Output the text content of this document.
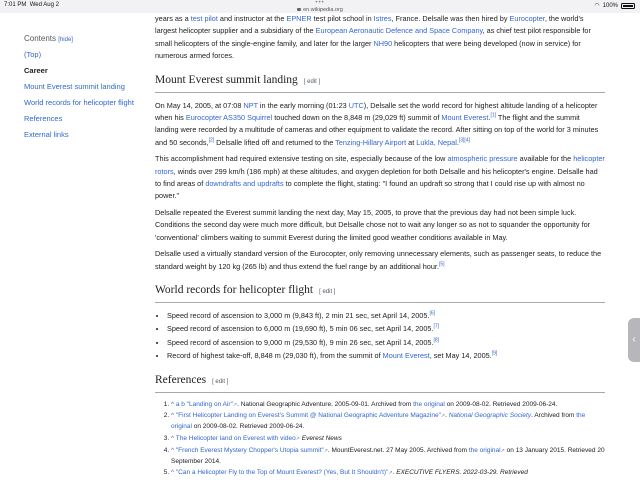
7:01 PM Wed Aug 2	•••
en.wikipedia.org
◠ 100%
Contents [hide]
(Top)
Career
Mount Everest summit landing
World records for helicopter flight
References
External links

years as a test pilot and instructor at the EPNER test pilot school in Istres, France. Delsalle was then hired by Eurocopter, the world's largest helicopter supplier and a subsidiary of the European Aeronautic Defence and Space Company, as chief test pilot responsible for small helicopters of the single-engine family, and later for the larger NH90 helicopters that were being developed (now in service) for numerous armed forces.

Mount Everest summit landing [ edit ]

On May 14, 2005, at 07:08 NPT in the early morning (01:23 UTC), Delsalle set the world record for highest altitude landing of a helicopter when his Eurocopter AS350 Squirrel touched down on the 8,848 m (29,029 ft) summit of Mount Everest.[1] The flight and the summit landing were recorded by a multitude of cameras and other equipment to validate the record. After sitting on top of the world for 3 minutes and 50 seconds,[2] Delsalle lifted off and returned to the Tenzing-Hillary Airport at Lukla, Nepal.[3][4]

This accomplishment had required extensive testing on site, especially because of the low atmospheric pressure available for the helicopter rotors, winds over 299 km/h (186 mph) at these altitudes, and oxygen depletion for both Delsalle and his helicopter's engine. Delsalle had to find areas of downdrafts and updrafts to complete the flight, stating: "I found an updraft so strong that I could rise up with almost no power."

Delsalle repeated the Everest summit landing the next day, May 15, 2005, to prove that the previous day had not been simple luck. Conditions the second day were much more difficult, but Delsalle chose not to wait any longer so as not to squander the opportunity for 'conventional' climbers waiting to summit Everest during the limited good weather conditions available in May.

Delsalle used a virtually standard version of the Eurocopter, only removing unnecessary elements, such as passenger seats, to reduce the standard weight by 120 kg (265 lb) and thus extend the fuel range by an additional hour.[5]

World records for helicopter flight [ edit ]
• Speed record of ascension to 3,000 m (9,843 ft), 2 min 21 sec, set April 14, 2005.[6]
• Speed record of ascension to 6,000 m (19,690 ft), 5 min 06 sec, set April 14, 2005.[7]
• Speed record of ascension to 9,000 m (29,530 ft), 9 min 26 sec, set April 14, 2005.[8]
• Record of highest take-off, 8,848 m (29,030 ft), from the summit of Mount Everest, set May 14, 2005.[9]
References [ edit ]
1. ^ a b "Landing on Air"↗. National Geographic Adventure. 2005-09-01. Archived from the original on 2009-08-02. Retrieved 2009-06-24.
2. ^ "First Helicopter Landing on Everest's Summit @ National Geographic Adventure Magazine"↗. National Geographic Society. Archived from the original on 2009-08-02. Retrieved 2009-06-24.
3. ^ The Helicopter land on Everest with video↗ Everest News
4. ^ "French Everest Mystery Chopper's Utopia summit"↗. MountEverest.net. 27 May 2005. Archived from the original↗ on 13 January 2015. Retrieved 20 September 2014.
5. ^ "Can a Helicopter Fly to the Top of Mount Everest? (Yes, But It Shouldn't)"↗. EXECUTIVE FLYERS. 2022-03-29. Retrieved
‹
